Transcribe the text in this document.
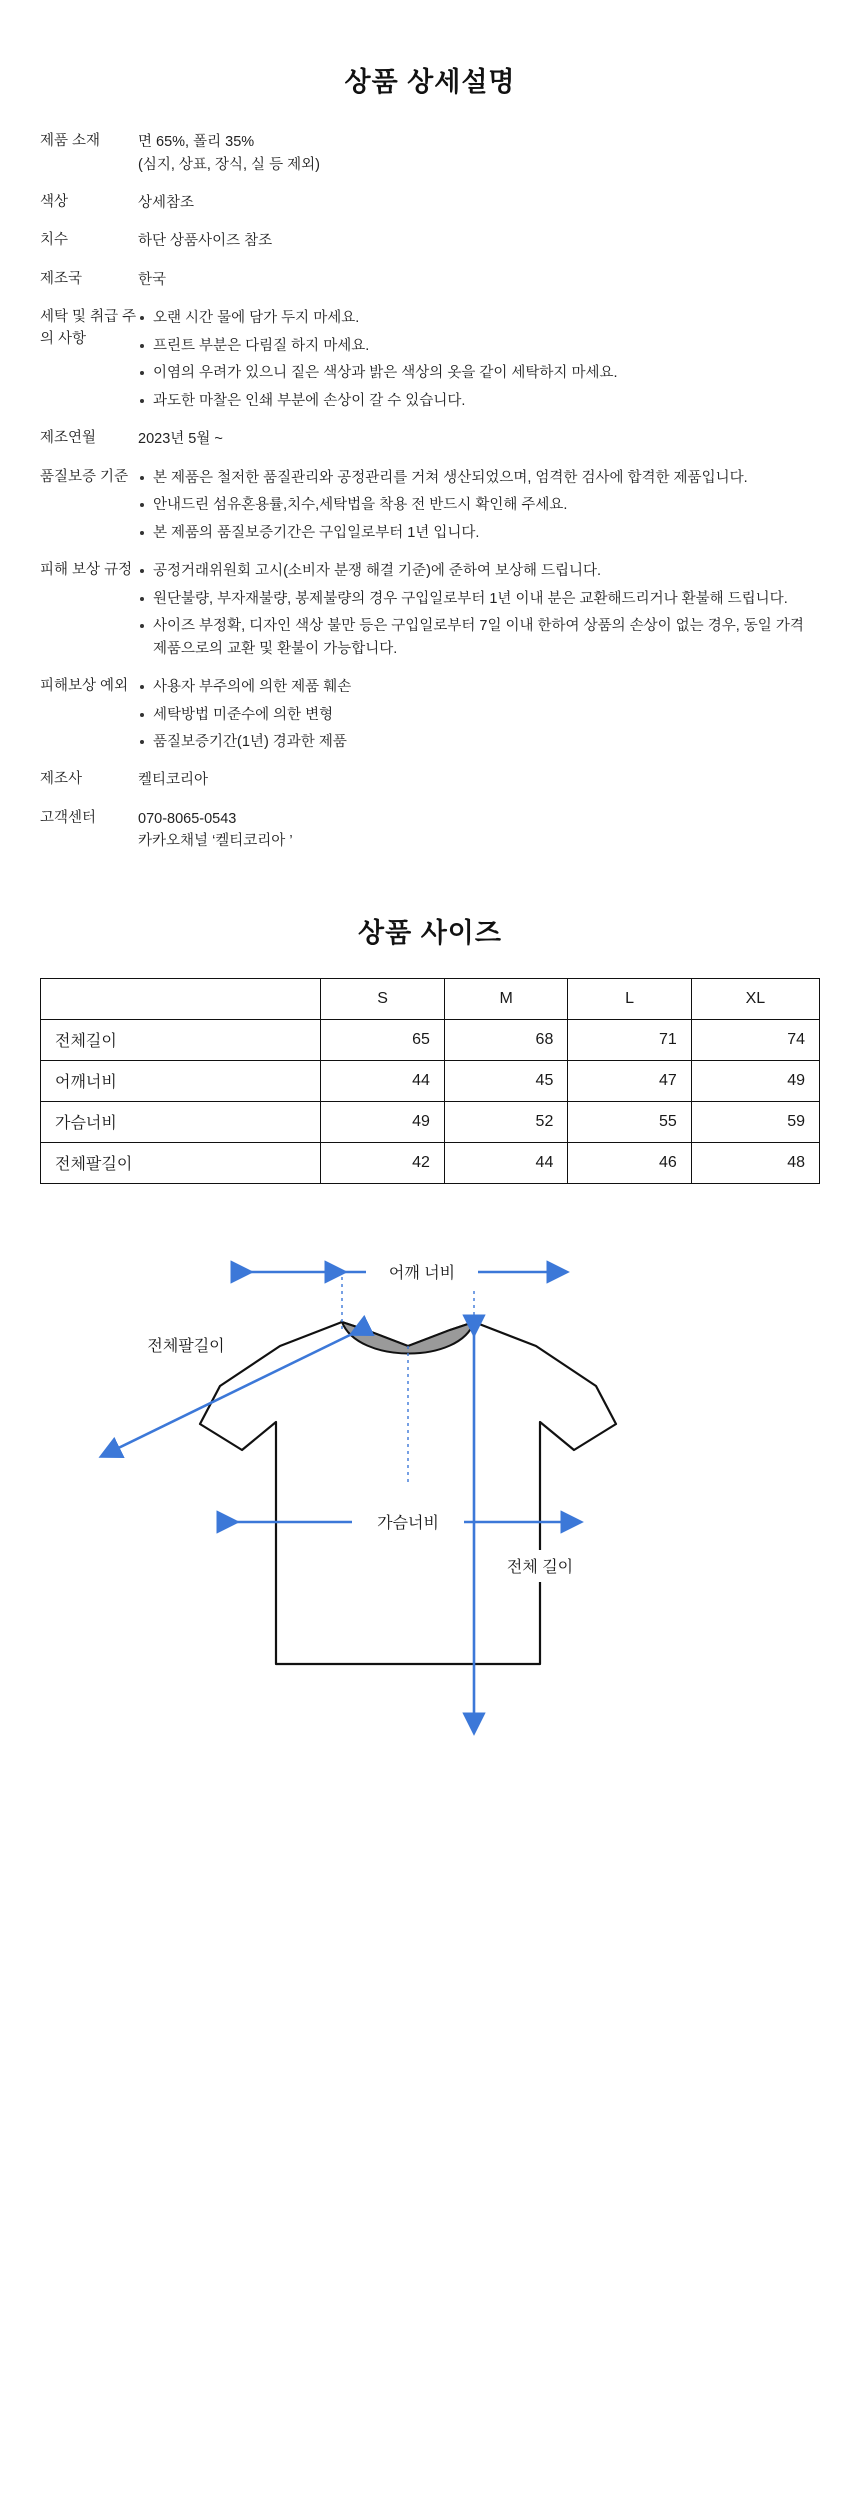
상품 상세설명
제품 소재	면 65%, 폴리 35%
(심지, 상표, 장식, 실 등 제외)
색상	상세참조
치수	하단 상품사이즈 참조
제조국	한국
세탁 및 취급 주의 사항
오랜 시간 물에 담가 두지 마세요.
프린트 부분은 다림질 하지 마세요.
이염의 우려가 있으니 짙은 색상과 밝은 색상의 옷을 같이 세탁하지 마세요.
과도한 마찰은 인쇄 부분에 손상이 갈 수 있습니다.
제조연월	2023년 5월 ~
품질보증 기준	본 제품은 철저한 품질관리와 공정관리를 거쳐 생산되었으며, 엄격한 검사에 합격한 제품입니다.
안내드린 섬유혼용률,치수,세탁법을 착용 전 반드시 확인해 주세요.
본 제품의 품질보증기간은 구입일로부터 1년 입니다.
피해 보상 규정	공정거래위원회 고시(소비자 분쟁 해결 기준)에 준하여 보상해 드립니다.
원단불량, 부자재불량, 봉제불량의 경우 구입일로부터 1년 이내 분은 교환해드리거나 환불해 드립니다.
사이즈 부정확, 디자인 색상 불만 등은 구입일로부터 7일 이내 한하여 상품의 손상이 없는 경우, 동일 가격 제품으로의 교환 및 환불이 가능합니다.
피해보상 예외	사용자 부주의에 의한 제품 훼손
세탁방법 미준수에 의한 변형
품질보증기간(1년) 경과한 제품
제조사	켈티코리아
고객센터	070-8065-0543
카카오채널 ‘켈티코리아 ’
상품 사이즈
	S	M	L	XL
전체길이	65	68	71	74
어깨너비	44	45	47	49
가슴너비	49	52	55	59
전체팔길이	42	44	46	48
어깨 너비
전체팔길이
가슴너비
전체 길이
